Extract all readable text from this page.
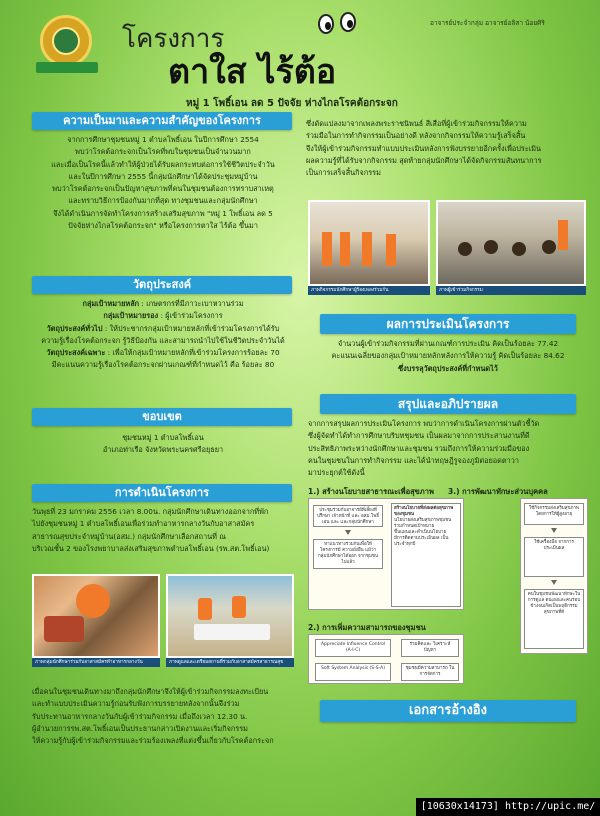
โครงการ
ตาใส ไร้ต้อ
หมู่ 1 โพธิ์เอน ลด 5 ปัจจัย ห่างไกลโรคต้อกระจก
อาจารย์ประจำกลุ่ม อาจารย์อลิสา น้อยศิริ
ความเป็นมาและความสำคัญของโครงการ
จากการศึกษาชุมชนหมู่ 1 ตำบลโพธิ์เอน ในปีการศึกษา 2554
พบว่าโรคต้อกระจกเป็นโรคที่พบในชุมชนเป็นจำนวนมาก
และเมื่อเป็นโรคนี้แล้วทำให้ผู้ป่วยได้รับผลกระทบต่อการใช้ชีวิตประจำวัน
และในปีการศึกษา 2555 นี้กลุ่มนักศึกษาได้จัดประชุมหมู่บ้าน
พบว่าโรคต้อกระจกเป็นปัญหาสุขภาพที่คนในชุมชนต้องการทราบสาเหตุ
และทราบวิธีการป้องกันมากที่สุด ทางชุมชนและกลุ่มนักศึกษา
จึงได้ดำเนินการจัดทำโครงการสร้างเสริมสุขภาพ "หมู่ 1 โพธิ์เอน ลด 5
ปัจจัยห่างไกลโรคต้อกระจก" หรือโครงการตาใส ไร้ต้อ ขึ้นมา
วัตถุประสงค์
กลุ่มเป้าหมายหลัก : เกษตรกรที่มีภาวะเบาหวานร่วม
กลุ่มเป้าหมายรอง : ผู้เข้าร่วมโครงการ
วัตถุประสงค์ทั่วไป : ให้ประชากรกลุ่มเป้าหมายหลักที่เข้าร่วมโครงการได้รับ
ความรู้เรื่องโรคต้อกระจก รู้วิธีป้องกัน และสามารถนำไปใช้ในชีวิตประจำวันได้
วัตถุประสงค์เฉพาะ : เพื่อให้กลุ่มเป้าหมายหลักที่เข้าร่วมโครงการร้อยละ 70
มีคะแนนความรู้เรื่องโรคต้อกระจกผ่านเกณฑ์ที่กำหนดไว้ คือ ร้อยละ 80
ขอบเขต
ชุมชนหมู่ 1 ตำบลโพธิ์เอน
อำเภอท่าเรือ จังหวัดพระนครศรีอยุธยา
การดำเนินโครงการ
วันพุธที่ 23 มกราคม 2556 เวลา 8.00น. กลุ่มนักศึกษาเดินทางออกจากที่พัก
ไปยังชุมชนหมู่ 1 ตำบลโพธิ์เอนเพื่อร่วมทำอาหารกลางวันกับอาสาสมัคร
สาธารณสุขประจำหมู่บ้าน(อสม.) กลุ่มนักศึกษาเลือกสถานที่ ณ
บริเวณชั้น 2 ของโรงพยาบาลส่งเสริมสุขภาพตำบลโพธิ์เอน (รพ.สต.โพธิ์เอน)
ภาพกลุ่มนักศึกษาร่วมกับอาสาสมัครทำอาหารกลางวัน	ภาพดูแลและเตรียมสถานที่ร่วมกับอาสาสมัครสาธารณสุข
เมื่อคนในชุมชนเดินทางมาถึงกลุ่มนักศึกษาจึงให้ผู้เข้าร่วมกิจกรรมลงทะเบียน
และทำแบบประเมินความรู้ก่อนรับฟังการบรรยายหลังจากนั้นจึงร่วม
รับประทานอาหารกลางวันกับผู้เข้าร่วมกิจกรรม เมื่อถึงเวลา 12.30 น.
ผู้อำนวยการรพ.สต.โพธิ์เอนเป็นประธานกล่าวเปิดงานและเริ่มกิจกรรม
ให้ความรู้กับผู้เข้าร่วมกิจกรรมและร่วมร้องเพลงที่แต่งขึ้นเกี่ยวกับโรคต้อกระจก
ซึ่งดัดแปลงมาจากเพลงพระราชนิพนธ์ สีเสือที่ผู้เข้าร่วมกิจกรรมให้ความ
ร่วมมือในการทำกิจกรรมเป็นอย่างดี หลังจากกิจกรรมให้ความรู้เสร็จสิ้น
จึงให้ผู้เข้าร่วมกิจกรรมทำแบบประเมินหลังการฟังบรรยายอีกครั้งเพื่อประเมิน
ผลความรู้ที่ได้รับจากกิจกรรม สุดท้ายกลุ่มนักศึกษาได้จัดกิจกรรมสันทนาการ
เป็นการเสร็จสิ้นกิจกรรม
ภาพกิจกรรมนักศึกษาผู้ร้องเพลงร่วมกัน	ภาพผู้เข้าร่วมกิจกรรม
ผลการประเมินโครงการ
จำนวนผู้เข้าร่วมกิจกรรมที่ผ่านเกณฑ์การประเมิน คิดเป็นร้อยละ 77.42
คะแนนเฉลี่ยของกลุ่มเป้าหมายหลักหลังการให้ความรู้ คิดเป็นร้อยละ 84.62
ซึ่งบรรลุวัตถุประสงค์ที่กำหนดไว้
สรุปและอภิปรายผล
จากการสรุปผลการประเมินโครงการ พบว่าการดำเนินโครงการผ่านตัวชี้วัด
ซึ่งผู้จัดทำได้ทำการศึกษาบริบทชุมชน เป็นผลมาจากการประสานงานที่ดี
ประสิทธิภาพระหว่างนักศึกษาและชุมชน รวมถึงการให้ความร่วมมือของ
คนในชุมชนในการทำกิจกรรม และได้นำทฤษฎีรูจองภูมิต่อยอดตาวา
มาประยุกต์ใช้ดังนี้
1.) สร้างนโยบายสาธารณะเพื่อสุขภาพ 3.) การพัฒนาทักษะส่วนบุคคล
ประชุมร่วมกับอาจารย์พี่เลี้ยงที่ปรึกษา เจ้าหน้าที่ และ อสม.โพธิ์เอน และ และกลุ่มนักศึกษา
หาแนวทางร่วมกันเพื่อให้โครงการมี ความยั่งยืน แม้ว่ากลุ่มนักศึกษาได้ออก จากชุมชนไปแล้ว
สร้างนโยบายที่ส่งผลต่อสุขภาพของชุมชน
นโยบายส่งเสริมสุขภาพชุมชน
ร่วมกำหนดเป้าหมาย
ขึ้นแผนและดำเนินนโยบาย
มีการติดตามประเมินผล เป็นประจำทุกปี
ใช้กิจกรรมส่งเสริมสุขภาพ โดยการให้ผู้สูงอายุ
ใช้เครื่องมือ จากการ ประเมินผล
คนในชุมชนพัฒนาทักษะในการดูแล ตนเองและคนรอบข้างจนเกิดเป็นพฤติกรรม สุขภาพที่ดี
2.) การเพิ่มความสามารถของชุมชน
Appreciate Influence Control (A-I-C)
Soft System Analysis (S-S-A)
ร่วมคิดและ วิเคราะห์ปัญหา
ชุมชนมีความสามารถ ในการจัดการ
เอกสารอ้างอิง
[10630x14173] http://upic.me/
